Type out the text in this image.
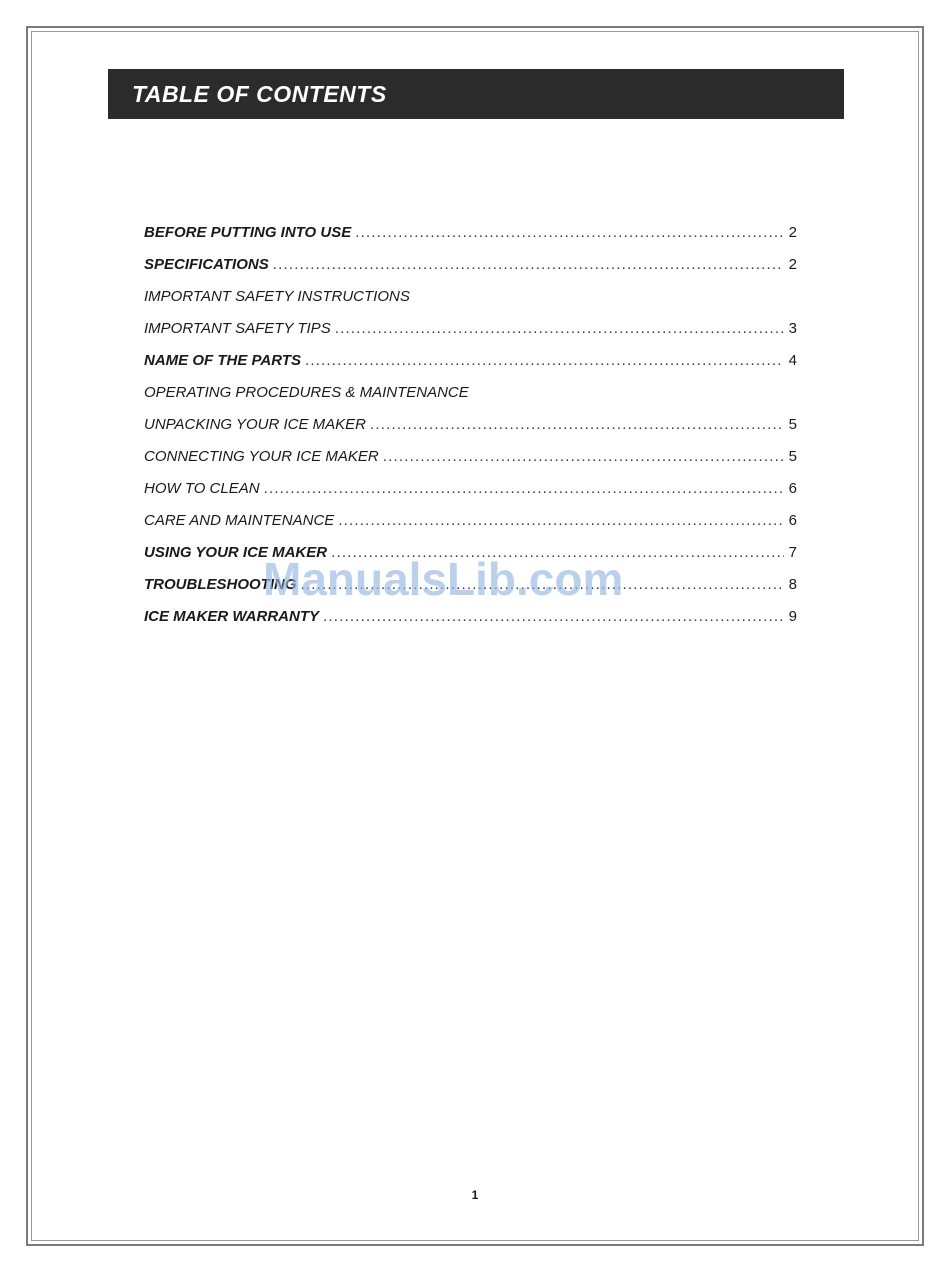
TABLE OF CONTENTS
BEFORE PUTTING INTO USE .....	2
SPECIFICATIONS .....	2
IMPORTANT SAFETY INSTRUCTIONS
IMPORTANT SAFETY TIPS .....	3
NAME OF THE PARTS .....	4
OPERATING PROCEDURES & MAINTENANCE
UNPACKING YOUR ICE MAKER .....	5
CONNECTING YOUR ICE MAKER .....	5
HOW TO CLEAN .....	6
CARE AND MAINTENANCE .....	6
USING YOUR ICE MAKER .....	7
TROUBLESHOOTING .....	8
ICE MAKER WARRANTY .....	9
ManualsLib.com
1
